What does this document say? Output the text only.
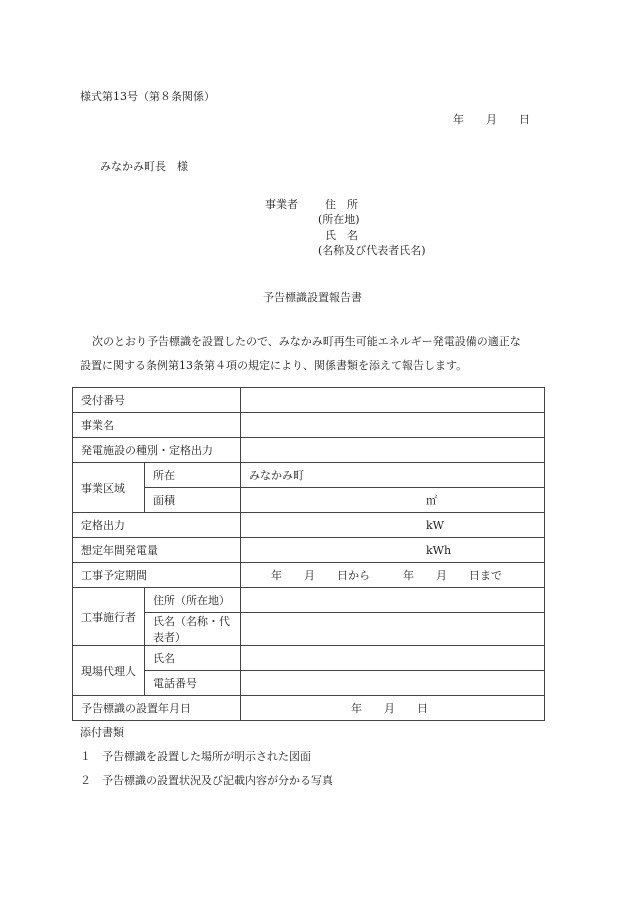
様式第13号（第８条関係）
年　　月　　日
みなかみ町長　様
事業者 住　所
(所在地)
氏　名
(名称及び代表者氏名)
予告標識設置報告書
次のとおり予告標識を設置したので、みなかみ町再生可能エネルギー発電設備の適正な
設置に関する条例第13条第４項の規定により、関係書類を添えて報告します。
受付番号		
事業名		
発電施設の種別・定格出力		
事業区域	所在	みなかみ町
	面積	㎡
定格出力		kW
想定年間発電量		kWh
工事予定期間		年　　月　　日から　　　年　　月　　日まで
工事施行者	住所（所在地）	
	氏名（名称・代表者）	
現場代理人	氏名	
	電話番号	
予告標識の設置年月日		年　　月　　日
添付書類
１　予告標識を設置した場所が明示された図面
２　予告標識の設置状況及び記載内容が分かる写真
